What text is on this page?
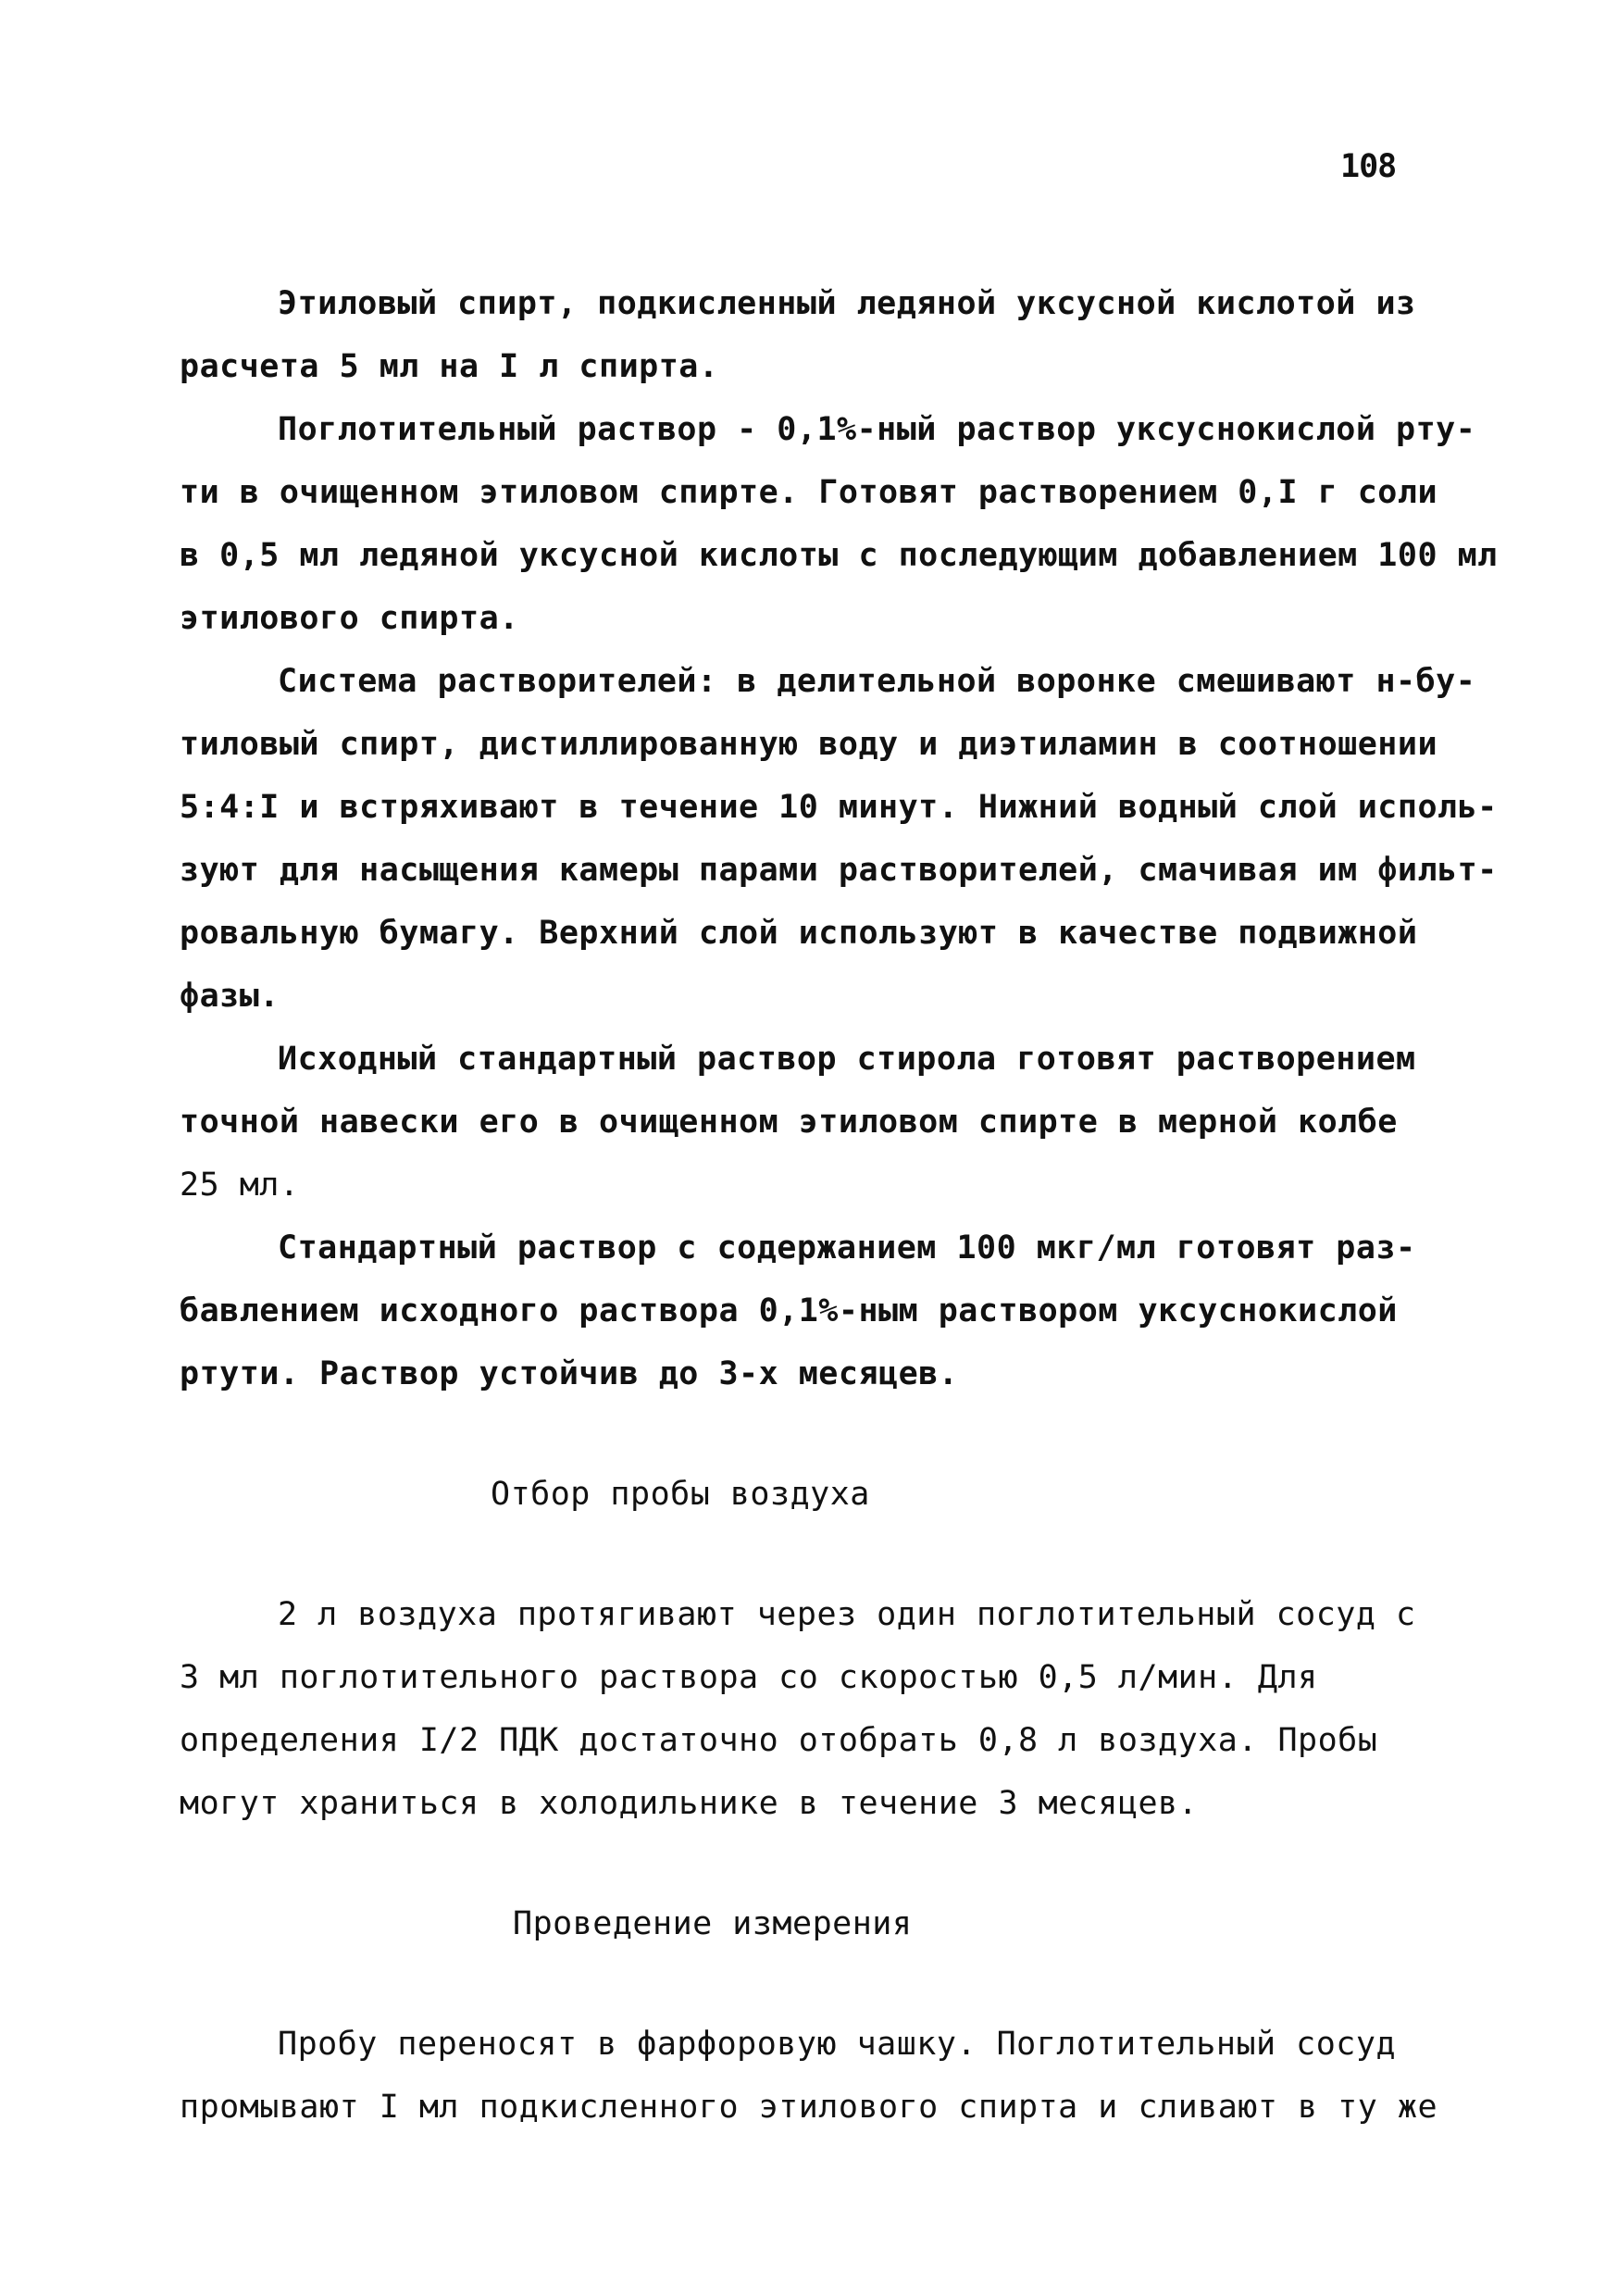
108
Этиловый спирт, подкисленный ледяной уксусной кислотой из
расчета 5 мл на I л спирта.
Поглотительный раствор - 0,1%-ный раствор уксуснокислой рту-
ти в очищенном этиловом спирте. Готовят растворением 0,I г соли
в 0,5 мл ледяной уксусной кислоты с последующим добавлением 100 мл
этилового спирта.
Система растворителей: в делительной воронке смешивают н-бу-
тиловый спирт, дистиллированную воду и диэтиламин в соотношении
5:4:I и встряхивают в течение 10 минут. Нижний водный слой исполь-
зуют для насыщения камеры парами растворителей, смачивая им фильт-
ровальную бумагу. Верхний слой используют в качестве подвижной
фазы.
Исходный стандартный раствор стирола готовят растворением
точной навески его в очищенном этиловом спирте в мерной колбе
25 мл.
Стандартный раствор с содержанием 100 мкг/мл готовят раз-
бавлением исходного раствора 0,1%-ным раствором уксуснокислой
ртути. Раствор устойчив до 3-х месяцев.
Отбор пробы воздуха
2 л воздуха протягивают через один поглотительный сосуд с
3 мл поглотительного раствора со скоростью 0,5 л/мин. Для
определения I/2 ПДК достаточно отобрать 0,8 л воздуха. Пробы
могут храниться в холодильнике в течение 3 месяцев.
Проведение измерения
Пробу переносят в фарфоровую чашку. Поглотительный сосуд
промывают I мл подкисленного этилового спирта и сливают в ту же
